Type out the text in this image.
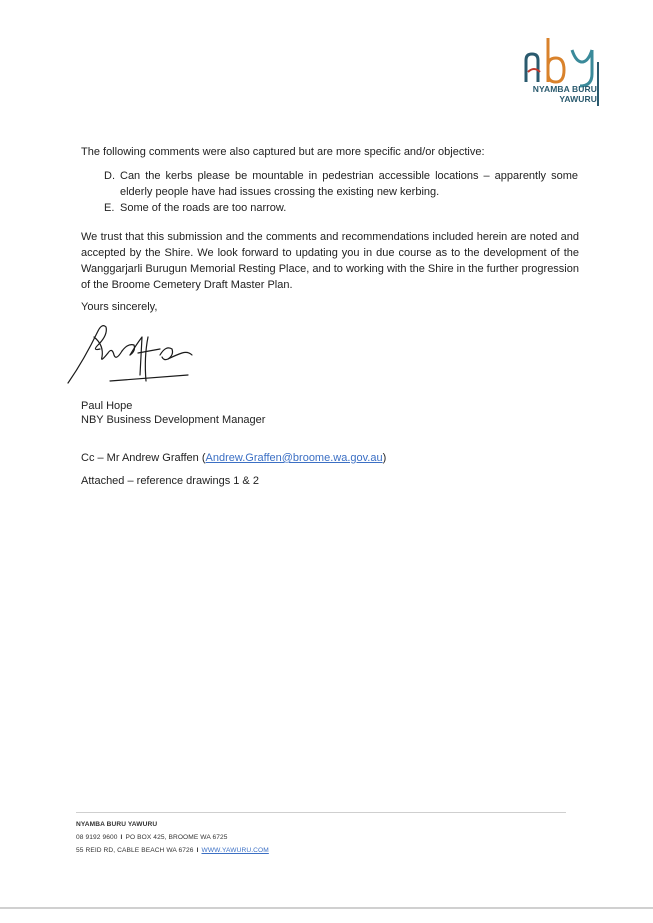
NYAMBA BURU
YAWURU
The following comments were also captured but are more specific and/or objective:
D. Can the kerbs please be mountable in pedestrian accessible locations – apparently some elderly people have had issues crossing the existing new kerbing.
E. Some of the roads are too narrow.
We trust that this submission and the comments and recommendations included herein are noted and accepted by the Shire. We look forward to updating you in due course as to the development of the Wanggarjarli Burugun Memorial Resting Place, and to working with the Shire in the further progression of the Broome Cemetery Draft Master Plan.
Yours sincerely,
Paul Hope
NBY Business Development Manager
Cc – Mr Andrew Graffen (Andrew.Graffen@broome.wa.gov.au)
Attached – reference drawings 1 & 2
NYAMBA BURU YAWURU
08 9192 9600 I PO BOX 425, BROOME WA 6725
55 REID RD, CABLE BEACH WA 6726 I WWW.YAWURU.COM
